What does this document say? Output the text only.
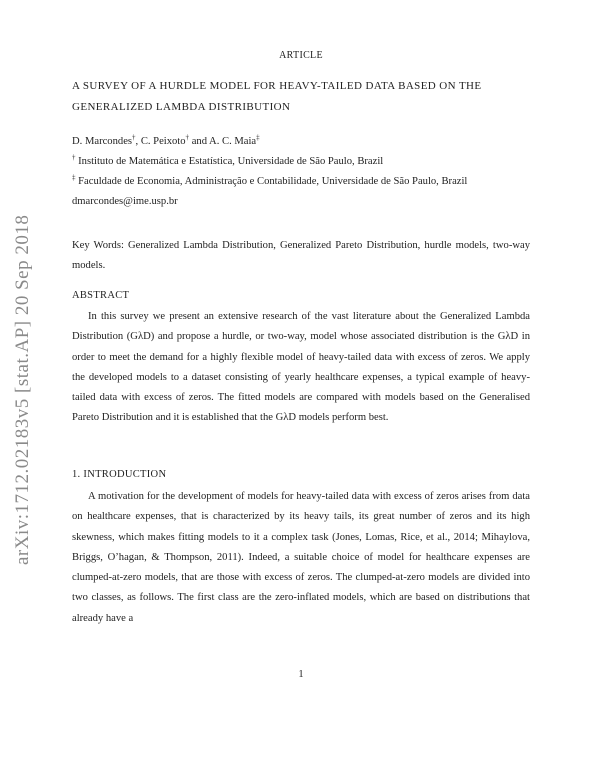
arXiv:1712.02183v5 [stat.AP] 20 Sep 2018
ARTICLE
A SURVEY OF A HURDLE MODEL FOR HEAVY-TAILED DATA BASED ON THE GENERALIZED LAMBDA DISTRIBUTION

D. Marcondes†, C. Peixoto† and A. C. Maia‡

† Instituto de Matemática e Estatística, Universidade de São Paulo, Brazil

‡ Faculdade de Economia, Administração e Contabilidade, Universidade de São Paulo, Brazil

dmarcondes@ime.usp.br

Key Words: Generalized Lambda Distribution, Generalized Pareto Distribution, hurdle models, two-way models.
ABSTRACT

In this survey we present an extensive research of the vast literature about the Generalized Lambda Distribution (GλD) and propose a hurdle, or two-way, model whose associated distribution is the GλD in order to meet the demand for a highly flexible model of heavy-tailed data with excess of zeros. We apply the developed models to a dataset consisting of yearly healthcare expenses, a typical example of heavy-tailed data with excess of zeros. The fitted models are compared with models based on the Generalised Pareto Distribution and it is established that the GλD models perform best.

1. INTRODUCTION

A motivation for the development of models for heavy-tailed data with excess of zeros arises from data on healthcare expenses, that is characterized by its heavy tails, its great number of zeros and its high skewness, which makes fitting models to it a complex task (Jones, Lomas, Rice, et al., 2014; Mihaylova, Briggs, O’hagan, & Thompson, 2011). Indeed, a suitable choice of model for healthcare expenses are clumped-at-zero models, that are those with excess of zeros. The clumped-at-zero models are divided into two classes, as follows. The first class are the zero-inflated models, which are based on distributions that already have a

1
